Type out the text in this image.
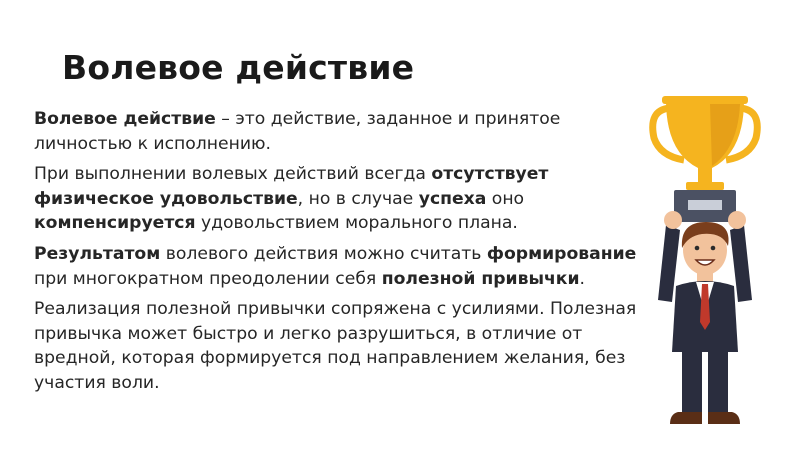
Волевое действие

Волевое действие – это действие, заданное и принятое личностью к исполнению.

При выполнении волевых действий всегда отсутствует физическое удовольствие, но в случае успеха оно компенсируется удовольствием морального плана.

Результатом волевого действия можно считать формирование при многократном преодолении себя полезной привычки.

Реализация полезной привычки сопряжена с усилиями. Полезная привычка может быстро и легко разрушиться, в отличие от вредной, которая формируется под направлением желания, без участия воли.
